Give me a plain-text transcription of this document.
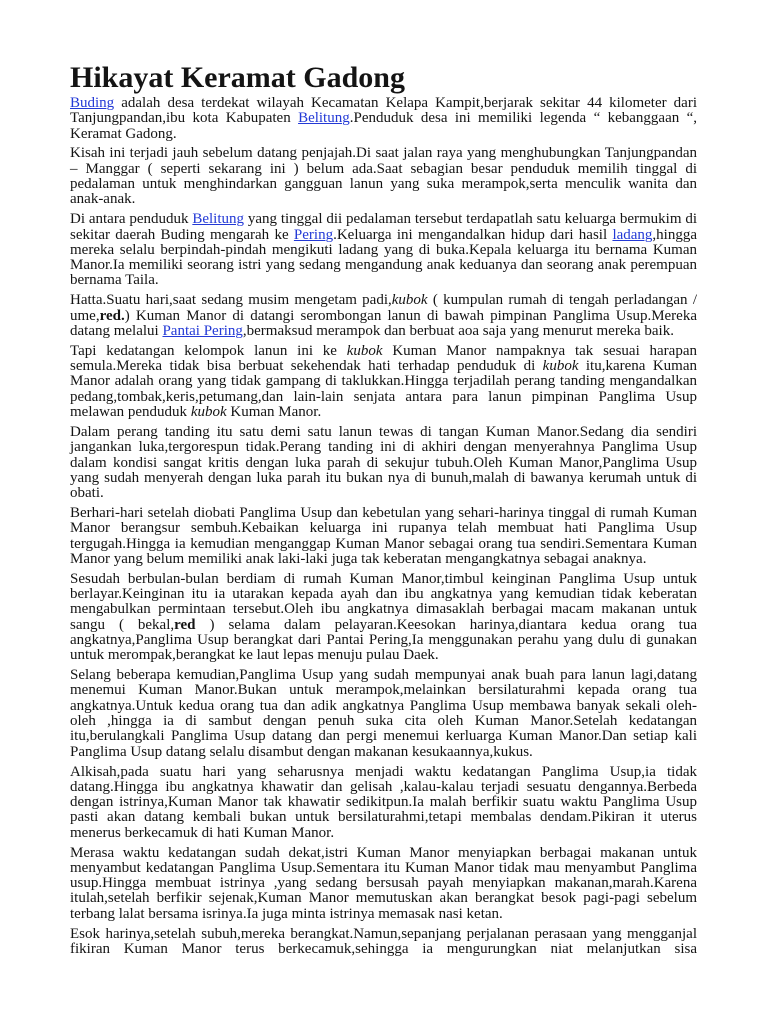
Hikayat Keramat Gadong

Buding adalah desa terdekat wilayah Kecamatan Kelapa Kampit,berjarak sekitar 44 kilometer dari Tanjungpandan,ibu kota Kabupaten Belitung.Penduduk desa ini memiliki legenda “ kebanggaan “, Keramat Gadong.

Kisah ini terjadi jauh sebelum datang penjajah.Di saat jalan raya yang menghubungkan Tanjungpandan – Manggar ( seperti sekarang ini ) belum ada.Saat sebagian besar penduduk memilih tinggal di pedalaman untuk menghindarkan gangguan lanun yang suka merampok,serta menculik wanita dan anak-anak.

Di antara penduduk Belitung yang tinggal dii pedalaman tersebut terdapatlah satu keluarga bermukim di sekitar daerah Buding mengarah ke Pering.Keluarga ini mengandalkan hidup dari hasil ladang,hingga mereka selalu berpindah-pindah mengikuti ladang yang di buka.Kepala keluarga itu bernama Kuman Manor.Ia memiliki seorang istri yang sedang mengandung anak keduanya dan seorang anak perempuan bernama Taila.

Hatta.Suatu hari,saat sedang musim mengetam padi,kubok ( kumpulan rumah di tengah perladangan / ume,red.) Kuman Manor di datangi serombongan lanun di bawah pimpinan Panglima Usup.Mereka datang melalui Pantai Pering,bermaksud merampok dan berbuat aoa saja yang menurut mereka baik.

Tapi kedatangan kelompok lanun ini ke kubok Kuman Manor nampaknya tak sesuai harapan semula.Mereka tidak bisa berbuat sekehendak hati terhadap penduduk di kubok itu,karena Kuman Manor adalah orang yang tidak gampang di taklukkan.Hingga terjadilah perang tanding mengandalkan pedang,tombak,keris,petumang,dan lain-lain senjata antara para lanun pimpinan Panglima Usup melawan penduduk kubok Kuman Manor.

Dalam perang tanding itu satu demi satu lanun tewas di tangan Kuman Manor.Sedang dia sendiri jangankan luka,tergorespun tidak.Perang tanding ini di akhiri dengan menyerahnya Panglima Usup dalam kondisi sangat kritis dengan luka parah di sekujur tubuh.Oleh Kuman Manor,Panglima Usup yang sudah menyerah dengan luka parah itu bukan nya di bunuh,malah di bawanya kerumah untuk di obati.

Berhari-hari setelah diobati Panglima Usup dan kebetulan yang sehari-harinya tinggal di rumah Kuman Manor berangsur sembuh.Kebaikan keluarga ini rupanya telah membuat hati Panglima Usup tergugah.Hingga ia kemudian menganggap Kuman Manor sebagai orang tua sendiri.Sementara Kuman Manor yang belum memiliki anak laki-laki juga tak keberatan mengangkatnya sebagai anaknya.

Sesudah berbulan-bulan berdiam di rumah Kuman Manor,timbul keinginan Panglima Usup untuk berlayar.Keinginan itu ia utarakan kepada ayah dan ibu angkatnya yang kemudian tidak keberatan mengabulkan permintaan tersebut.Oleh ibu angkatnya dimasaklah berbagai macam makanan untuk sangu ( bekal,red ) selama dalam pelayaran.Keesokan harinya,diantara kedua orang tua angkatnya,Panglima Usup berangkat dari Pantai Pering,Ia menggunakan perahu yang dulu di gunakan untuk merompak,berangkat ke laut lepas menuju pulau Daek.

Selang beberapa kemudian,Panglima Usup yang sudah mempunyai anak buah para lanun lagi,datang menemui Kuman Manor.Bukan untuk merampok,melainkan bersilaturahmi kepada orang tua angkatnya.Untuk kedua orang tua dan adik angkatnya Panglima Usup membawa banyak sekali oleh-oleh ,hingga ia di sambut dengan penuh suka cita oleh Kuman Manor.Setelah kedatangan itu,berulangkali Panglima Usup datang dan pergi menemui kerluarga Kuman Manor.Dan setiap kali Panglima Usup datang selalu disambut dengan makanan kesukaannya,kukus.

Alkisah,pada suatu hari yang seharusnya menjadi waktu kedatangan Panglima Usup,ia tidak datang.Hingga ibu angkatnya khawatir dan gelisah ,kalau-kalau terjadi sesuatu dengannya.Berbeda dengan istrinya,Kuman Manor tak khawatir sedikitpun.Ia malah berfikir suatu waktu Panglima Usup pasti akan datang kembali bukan untuk bersilaturahmi,tetapi membalas dendam.Pikiran it uterus menerus berkecamuk di hati Kuman Manor.

Merasa waktu kedatangan sudah dekat,istri Kuman Manor menyiapkan berbagai makanan untuk menyambut kedatangan Panglima Usup.Sementara itu Kuman Manor tidak mau menyambut Panglima usup.Hingga membuat istrinya ,yang sedang bersusah payah menyiapkan makanan,marah.Karena itulah,setelah berfikir sejenak,Kuman Manor memutuskan akan berangkat besok pagi-pagi sebelum terbang lalat bersama isrinya.Ia juga minta istrinya memasak nasi ketan.

Esok harinya,setelah subuh,mereka berangkat.Namun,sepanjang perjalanan perasaan yang mengganjal fikiran Kuman Manor terus berkecamuk,sehingga ia mengurungkan niat melanjutkan sisa
